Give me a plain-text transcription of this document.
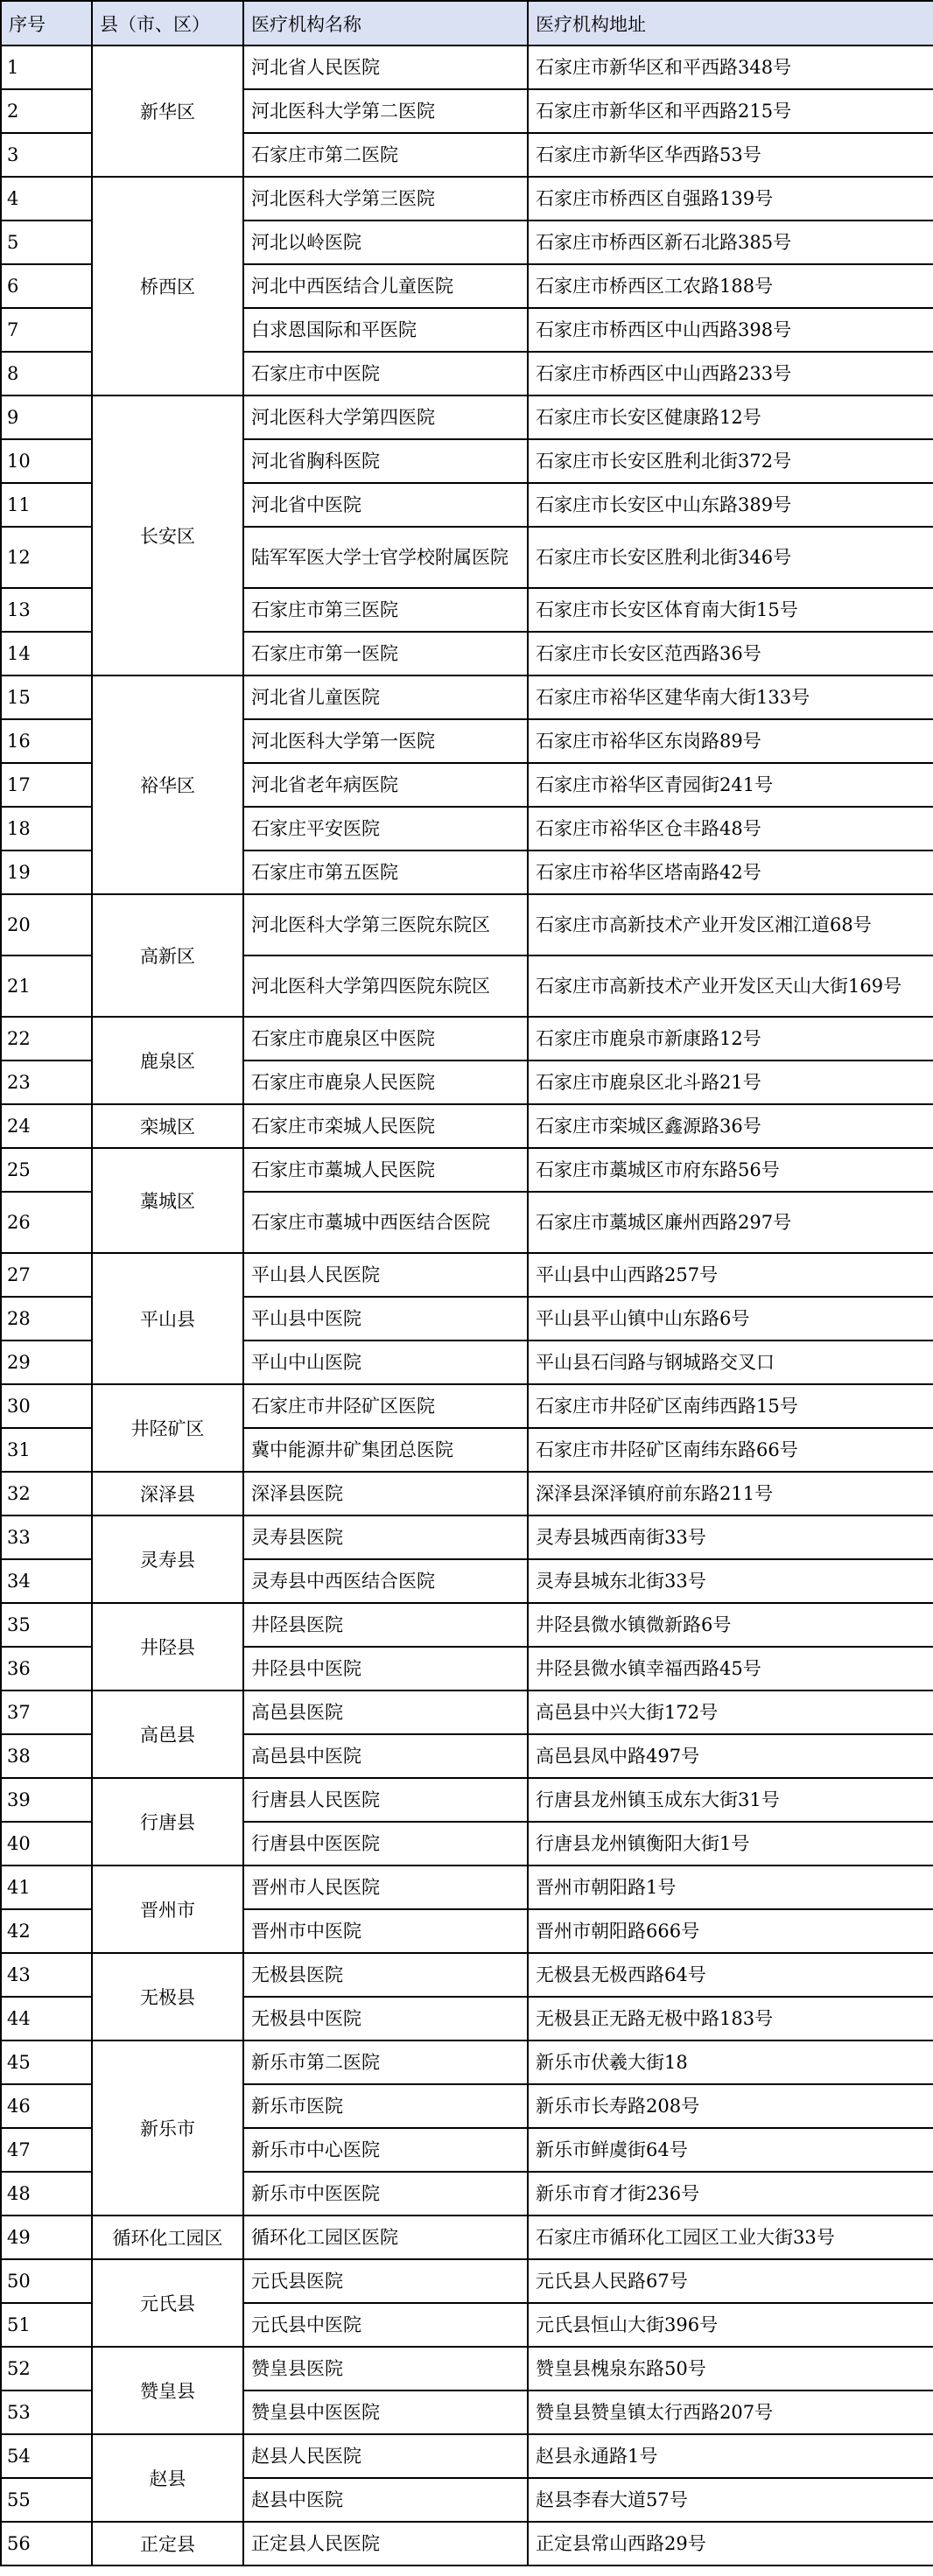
序号	县（市、区）	医疗机构名称	医疗机构地址
1	新华区	河北省人民医院	石家庄市新华区和平西路348号
2		河北医科大学第二医院	石家庄市新华区和平西路215号
3		石家庄市第二医院	石家庄市新华区华西路53号
4	桥西区	河北医科大学第三医院	石家庄市桥西区自强路139号
5		河北以岭医院	石家庄市桥西区新石北路385号
6		河北中西医结合儿童医院	石家庄市桥西区工农路188号
7		白求恩国际和平医院	石家庄市桥西区中山西路398号
8		石家庄市中医院	石家庄市桥西区中山西路233号
9	长安区	河北医科大学第四医院	石家庄市长安区健康路12号
10		河北省胸科医院	石家庄市长安区胜利北街372号
11		河北省中医院	石家庄市长安区中山东路389号
12		陆军军医大学士官学校附属医院	石家庄市长安区胜利北街346号
13		石家庄市第三医院	石家庄市长安区体育南大街15号
14		石家庄市第一医院	石家庄市长安区范西路36号
15	裕华区	河北省儿童医院	石家庄市裕华区建华南大街133号
16		河北医科大学第一医院	石家庄市裕华区东岗路89号
17		河北省老年病医院	石家庄市裕华区青园街241号
18		石家庄平安医院	石家庄市裕华区仓丰路48号
19		石家庄市第五医院	石家庄市裕华区塔南路42号
20	高新区	河北医科大学第三医院东院区	石家庄市高新技术产业开发区湘江道68号
21		河北医科大学第四医院东院区	石家庄市高新技术产业开发区天山大街169号
22	鹿泉区	石家庄市鹿泉区中医院	石家庄市鹿泉市新康路12号
23		石家庄市鹿泉人民医院	石家庄市鹿泉区北斗路21号
24	栾城区	石家庄市栾城人民医院	石家庄市栾城区鑫源路36号
25	藁城区	石家庄市藁城人民医院	石家庄市藁城区市府东路56号
26		石家庄市藁城中西医结合医院	石家庄市藁城区廉州西路297号
27	平山县	平山县人民医院	平山县中山西路257号
28		平山县中医院	平山县平山镇中山东路6号
29		平山中山医院	平山县石闫路与钢城路交叉口
30	井陉矿区	石家庄市井陉矿区医院	石家庄市井陉矿区南纬西路15号
31		冀中能源井矿集团总医院	石家庄市井陉矿区南纬东路66号
32	深泽县	深泽县医院	深泽县深泽镇府前东路211号
33	灵寿县	灵寿县医院	灵寿县城西南街33号
34		灵寿县中西医结合医院	灵寿县城东北街33号
35	井陉县	井陉县医院	井陉县微水镇微新路6号
36		井陉县中医院	井陉县微水镇幸福西路45号
37	高邑县	高邑县医院	高邑县中兴大街172号
38		高邑县中医院	高邑县凤中路497号
39	行唐县	行唐县人民医院	行唐县龙州镇玉成东大街31号
40		行唐县中医医院	行唐县龙州镇衡阳大街1号
41	晋州市	晋州市人民医院	晋州市朝阳路1号
42		晋州市中医院	晋州市朝阳路666号
43	无极县	无极县医院	无极县无极西路64号
44		无极县中医院	无极县正无路无极中路183号
45	新乐市	新乐市第二医院	新乐市伏羲大街18
46		新乐市医院	新乐市长寿路208号
47		新乐市中心医院	新乐市鲜虞街64号
48		新乐市中医医院	新乐市育才街236号
49	循环化工园区	循环化工园区医院	石家庄市循环化工园区工业大街33号
50	元氏县	元氏县医院	元氏县人民路67号
51		元氏县中医院	元氏县恒山大街396号
52	赞皇县	赞皇县医院	赞皇县槐泉东路50号
53		赞皇县中医医院	赞皇县赞皇镇太行西路207号
54	赵县	赵县人民医院	赵县永通路1号
55		赵县中医院	赵县李春大道57号
56	正定县	正定县人民医院	正定县常山西路29号
